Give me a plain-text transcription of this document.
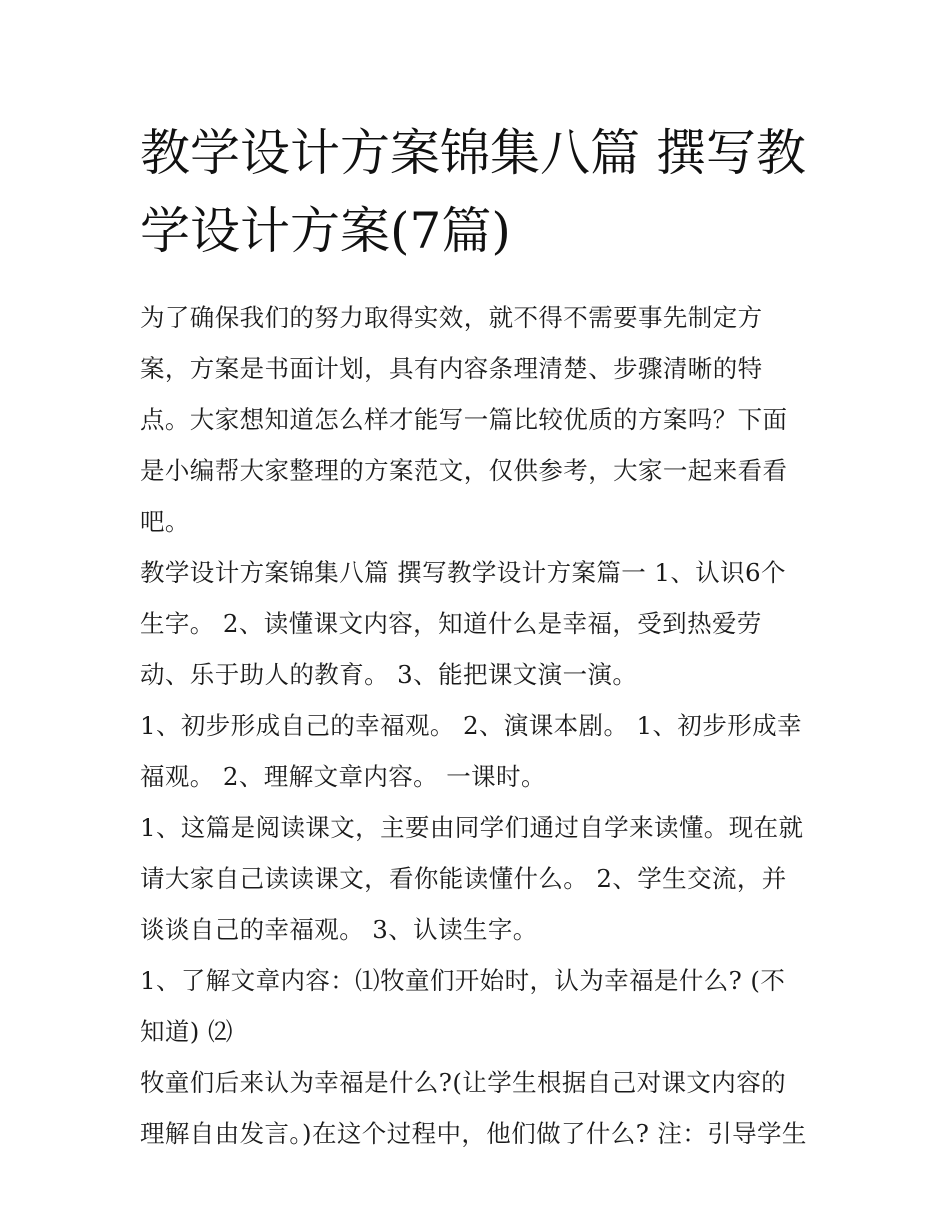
教学设计方案锦集八篇 撰写教学设计方案(7篇)

为了确保我们的努力取得实效，就不得不需要事先制定方案，方案是书面计划，具有内容条理清楚、步骤清晰的特点。大家想知道怎么样才能写一篇比较优质的方案吗？下面是小编帮大家整理的方案范文，仅供参考，大家一起来看看吧。

教学设计方案锦集八篇 撰写教学设计方案篇一 1、认识6个生字。 2、读懂课文内容，知道什么是幸福，受到热爱劳动、乐于助人的教育。 3、能把课文演一演。

1、初步形成自己的幸福观。 2、演课本剧。 1、初步形成幸福观。 2、理解文章内容。 一课时。

1、这篇是阅读课文，主要由同学们通过自学来读懂。现在就请大家自己读读课文，看你能读懂什么。 2、学生交流，并谈谈自己的幸福观。 3、认读生字。

1、了解文章内容：⑴牧童们开始时，认为幸福是什么? (不知道) ⑵

牧童们后来认为幸福是什么?(让学生根据自己对课文内容的理解自由发言。)在这个过程中，他们做了什么? 注：引导学生
